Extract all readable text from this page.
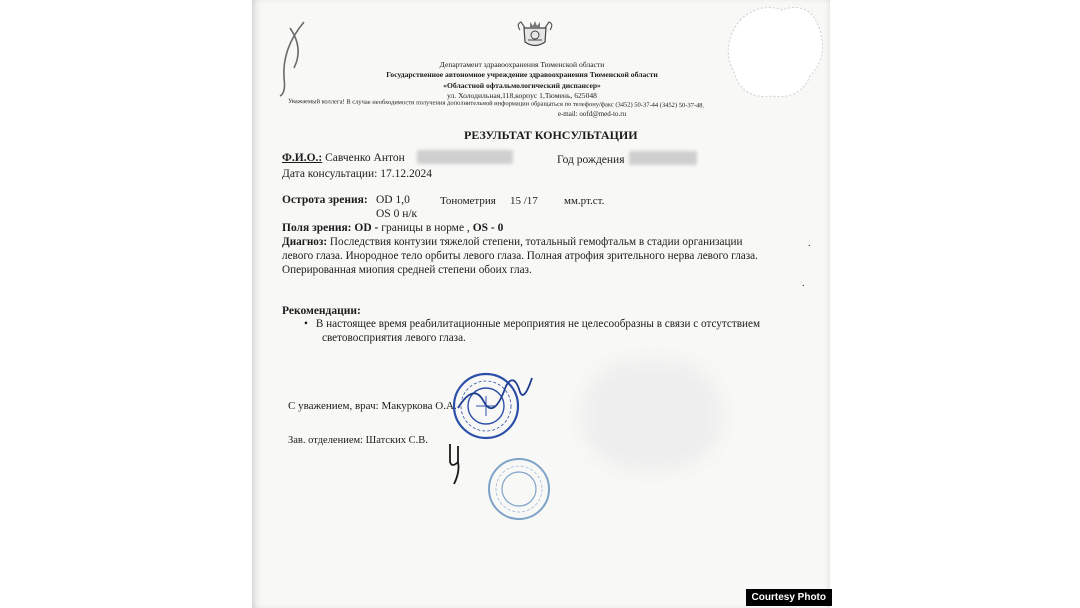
Департамент здравоохранения Тюменской области
Государственное автономное учреждение здравоохранения Тюменской области
«Областной офтальмологический диспансер»
ул. Холодильная,118,корпус 1,Тюмень, 625048
Уважаемый коллега! В случае необходимости получения дополнительной информации обращаться по телефону/факс (3452) 50-37-44 (3452) 50-37-48.
e-mail: oofd@med-to.ru
РЕЗУЛЬТАТ КОНСУЛЬТАЦИИ
Ф.И.О.: Савченко Антон	Год рождения
Дата консультации: 17.12.2024
Острота зрения: OD 1,0
OS 0 н/к
Тонометрия 15 /17 мм.рт.ст.
Поля зрения: OD - границы в норме , OS - 0
Диагноз: Последствия контузии тяжелой степени, тотальный гемофтальм в стадии организации
левого глаза. Инородное тело орбиты левого глаза. Полная атрофия зрительного нерва левого глаза.
Оперированная миопия средней степени обоих глаз.
Рекомендации:
• В настоящее время реабилитационные мероприятия не целесообразны в связи с отсутствием
световосприятия левого глаза.
С уважением, врач: Макуркова О.А.
Зав. отделением: Шатских С.В.
.
.
Courtesy Photo
